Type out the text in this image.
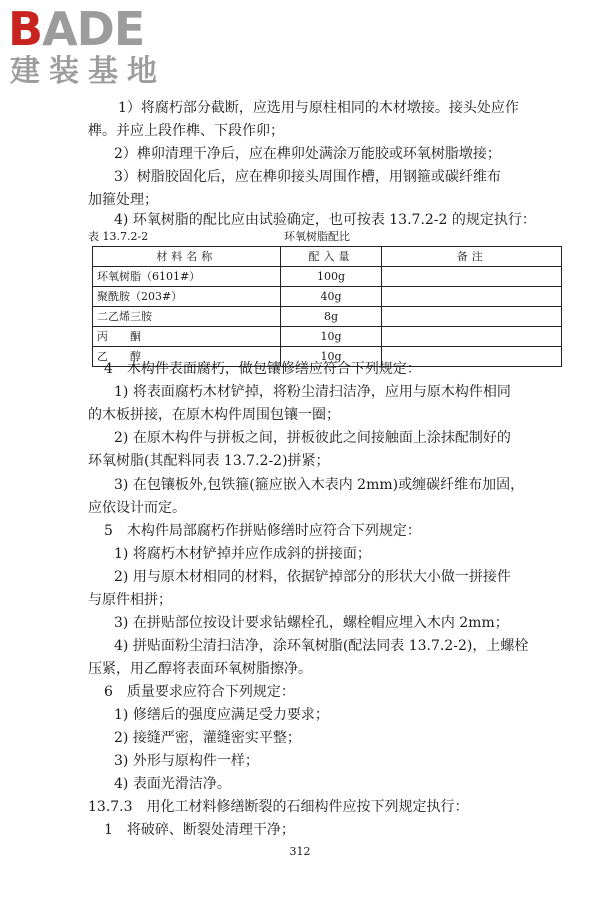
BADE
建装基地

1）将腐朽部分截断，应选用与原柱相同的木材墩接。接头处应作

榫。并应上段作榫、下段作卯；

2）榫卯清理干净后，应在榫卯处满涂万能胶或环氧树脂墩接；

3）树脂胶固化后，应在榫卯接头周围作槽，用钢箍或碳纤维布

加箍处理；

4) 环氧树脂的配比应由试验确定，也可按表 13.7.2-2 的规定执行：

表 13.7.2-2	环氧树脂配比
材料名称	配入量	备注
环氧树脂（6101#）	100g	
聚酰胺（203#）	40g	
二乙烯三胺	8g	
丙　　酮	10g	
乙　　醇	10g	

4　木构件表面腐朽，做包镶修缮应符合下列规定：

1) 将表面腐朽木材铲掉，将粉尘清扫洁净，应用与原木构件相同

的木板拼接，在原木构件周围包镶一圈；

2) 在原木构件与拼板之间，拼板彼此之间接触面上涂抹配制好的

环氧树脂(其配料同表 13.7.2-2)拼紧；

3) 在包镶板外,包铁箍(箍应嵌入木表内 2mm)或缠碳纤维布加固，

应依设计而定。

5　木构件局部腐朽作拼贴修缮时应符合下列规定：

1) 将腐朽木材铲掉并应作成斜的拼接面；

2) 用与原木材相同的材料，依据铲掉部分的形状大小做一拼接件

与原件相拼；

3) 在拼贴部位按设计要求钻螺栓孔，螺栓帽应埋入木内 2mm；

4) 拼贴面粉尘清扫洁净，涂环氧树脂(配法同表 13.7.2-2)，上螺栓

压紧，用乙醇将表面环氧树脂擦净。

6　质量要求应符合下列规定：

1) 修缮后的强度应满足受力要求；

2) 接缝严密，灌缝密实平整；

3) 外形与原构件一样；

4) 表面光滑洁净。

13.7.3　用化工材料修缮断裂的石细构件应按下列规定执行：

1　将破碎、断裂处清理干净；

312
